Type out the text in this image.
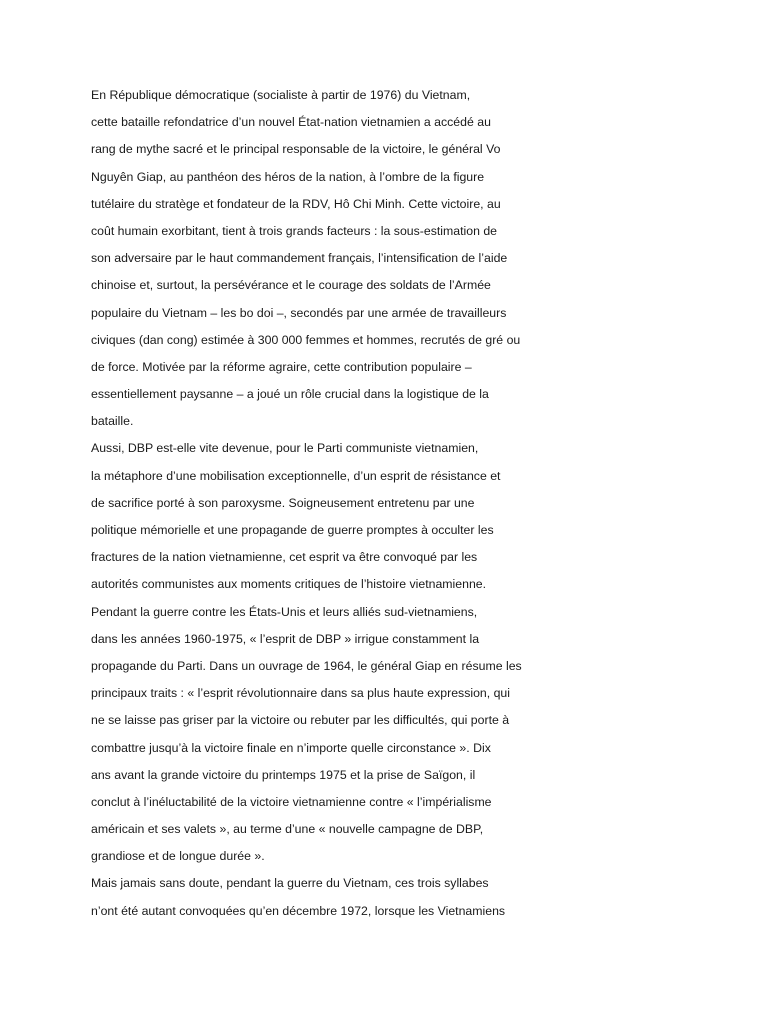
En République démocratique (socialiste à partir de 1976) du Vietnam,
cette bataille refondatrice d’un nouvel État-nation vietnamien a accédé au
rang de mythe sacré et le principal responsable de la victoire, le général Vo
Nguyên Giap, au panthéon des héros de la nation, à l’ombre de la figure
tutélaire du stratège et fondateur de la RDV, Hô Chi Minh. Cette victoire, au
coût humain exorbitant, tient à trois grands facteurs : la sous-estimation de
son adversaire par le haut commandement français, l’intensification de l’aide
chinoise et, surtout, la persévérance et le courage des soldats de l’Armée
populaire du Vietnam – les bo doi –, secondés par une armée de travailleurs
civiques (dan cong) estimée à 300 000 femmes et hommes, recrutés de gré ou
de force. Motivée par la réforme agraire, cette contribution populaire –
essentiellement paysanne – a joué un rôle crucial dans la logistique de la
bataille.
Aussi, DBP est-elle vite devenue, pour le Parti communiste vietnamien,
la métaphore d’une mobilisation exceptionnelle, d’un esprit de résistance et
de sacrifice porté à son paroxysme. Soigneusement entretenu par une
politique mémorielle et une propagande de guerre promptes à occulter les
fractures de la nation vietnamienne, cet esprit va être convoqué par les
autorités communistes aux moments critiques de l’histoire vietnamienne.
Pendant la guerre contre les États-Unis et leurs alliés sud-vietnamiens,
dans les années 1960-1975, « l’esprit de DBP » irrigue constamment la
propagande du Parti. Dans un ouvrage de 1964, le général Giap en résume les
principaux traits : « l’esprit révolutionnaire dans sa plus haute expression, qui
ne se laisse pas griser par la victoire ou rebuter par les difficultés, qui porte à
combattre jusqu’à la victoire finale en n’importe quelle circonstance ». Dix
ans avant la grande victoire du printemps 1975 et la prise de Saïgon, il
conclut à l’inéluctabilité de la victoire vietnamienne contre « l’impérialisme
américain et ses valets », au terme d’une « nouvelle campagne de DBP,
grandiose et de longue durée ».
Mais jamais sans doute, pendant la guerre du Vietnam, ces trois syllabes
n’ont été autant convoquées qu’en décembre 1972, lorsque les Vietnamiens
